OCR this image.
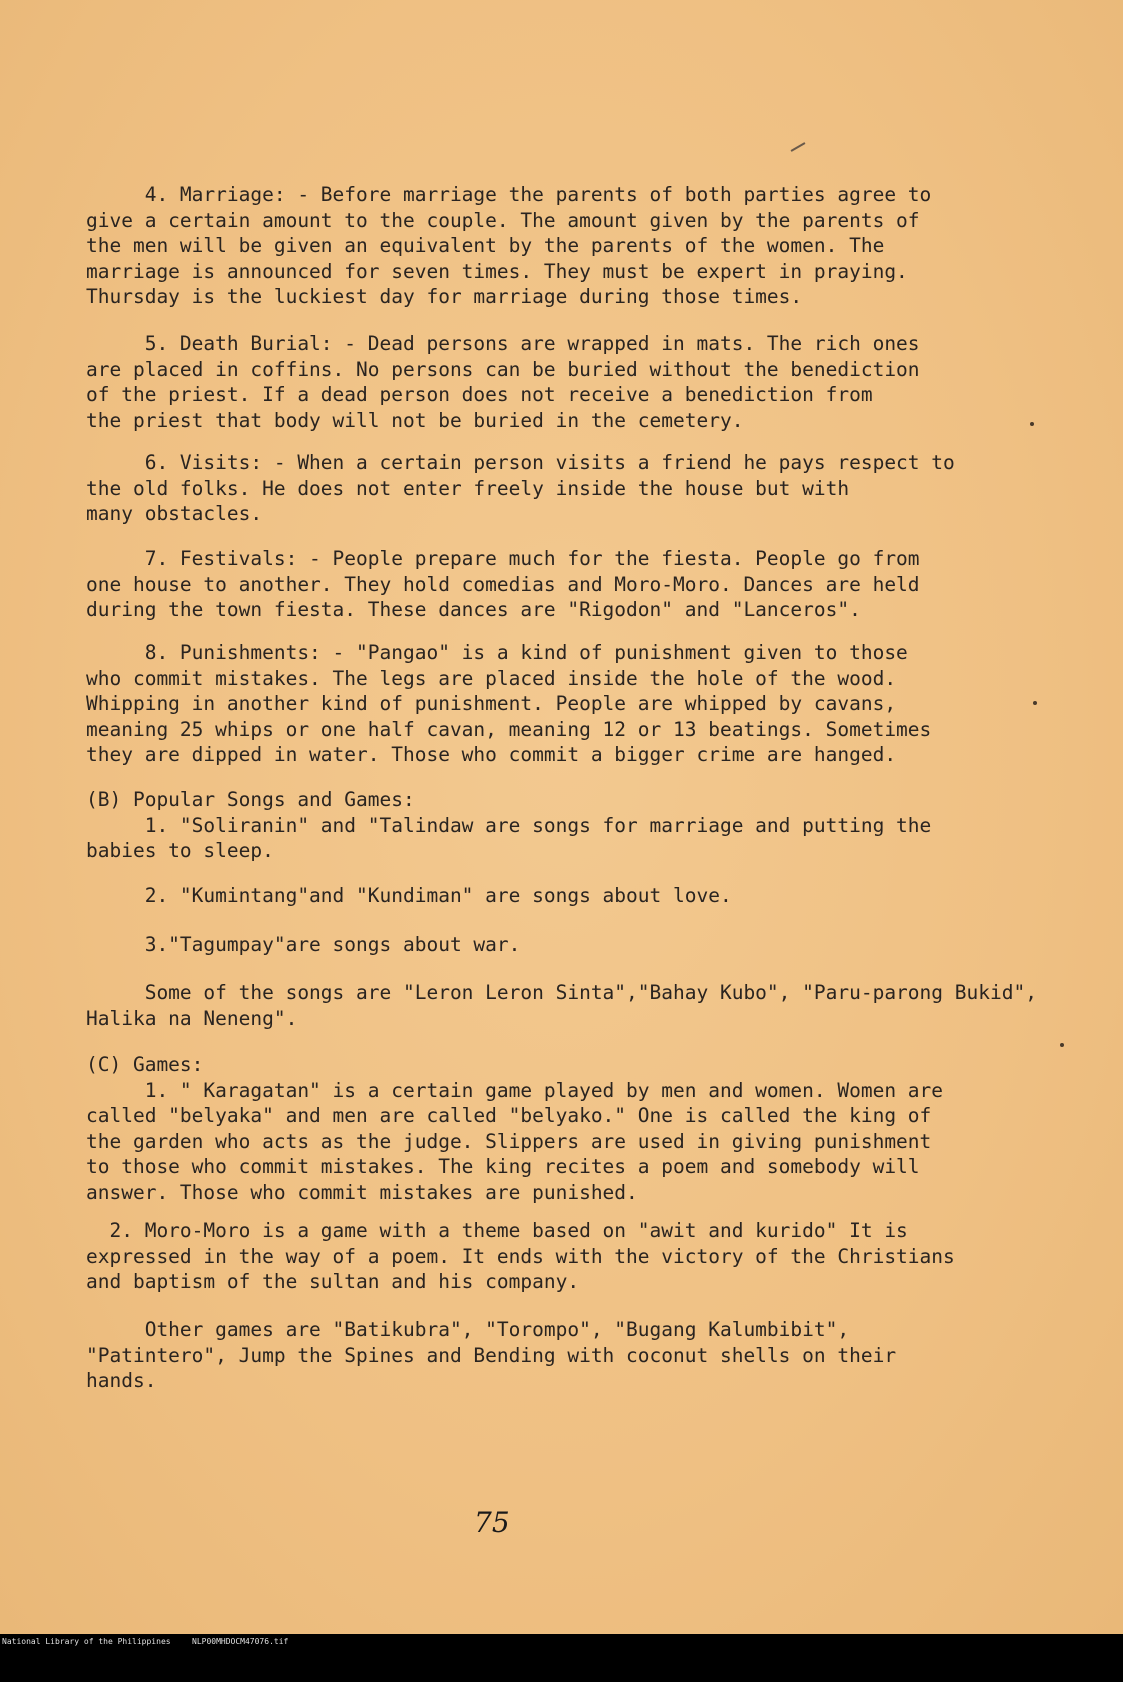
4. Marriage: - Before marriage the parents of both parties agree to
give a certain amount to the couple. The amount given by the parents of
the men will be given an equivalent by the parents of the women. The
marriage is announced for seven times. They must be expert in praying.
Thursday is the luckiest day for marriage during those times.
5. Death Burial: - Dead persons are wrapped in mats. The rich ones
are placed in coffins. No persons can be buried without the benediction
of the priest. If a dead person does not receive a benediction from
the priest that body will not be buried in the cemetery.
6. Visits: - When a certain person visits a friend he pays respect to
the old folks. He does not enter freely inside the house but with
many obstacles.
7. Festivals: - People prepare much for the fiesta. People go from
one house to another. They hold comedias and Moro-Moro. Dances are held
during the town fiesta. These dances are "Rigodon" and "Lanceros".
8. Punishments: - "Pangao" is a kind of punishment given to those
who commit mistakes. The legs are placed inside the hole of the wood.
Whipping in another kind of punishment. People are whipped by cavans,
meaning 25 whips or one half cavan, meaning 12 or 13 beatings. Sometimes
they are dipped in water. Those who commit a bigger crime are hanged.
(B) Popular Songs and Games:
1. "Soliranin" and "Talindaw are songs for marriage and putting the
babies to sleep.
2. "Kumintang"and "Kundiman" are songs about love.
3."Tagumpay"are songs about war.
Some of the songs are "Leron Leron Sinta","Bahay Kubo", "Paru-parong Bukid",
Halika na Neneng".
(C) Games:
1. " Karagatan" is a certain game played by men and women. Women are
called "belyaka" and men are called "belyako." One is called the king of
the garden who acts as the judge. Slippers are used in giving punishment
to those who commit mistakes. The king recites a poem and somebody will
answer. Those who commit mistakes are punished.
2. Moro-Moro is a game with a theme based on "awit and kurido" It is
expressed in the way of a poem. It ends with the victory of the Christians
and baptism of the sultan and his company.
Other games are "Batikubra", "Torompo", "Bugang Kalumbibit",
"Patintero", Jump the Spines and Bending with coconut shells on their
hands.
75

National Library of the Philippines

	NLP00MHDOCM47076.tif
